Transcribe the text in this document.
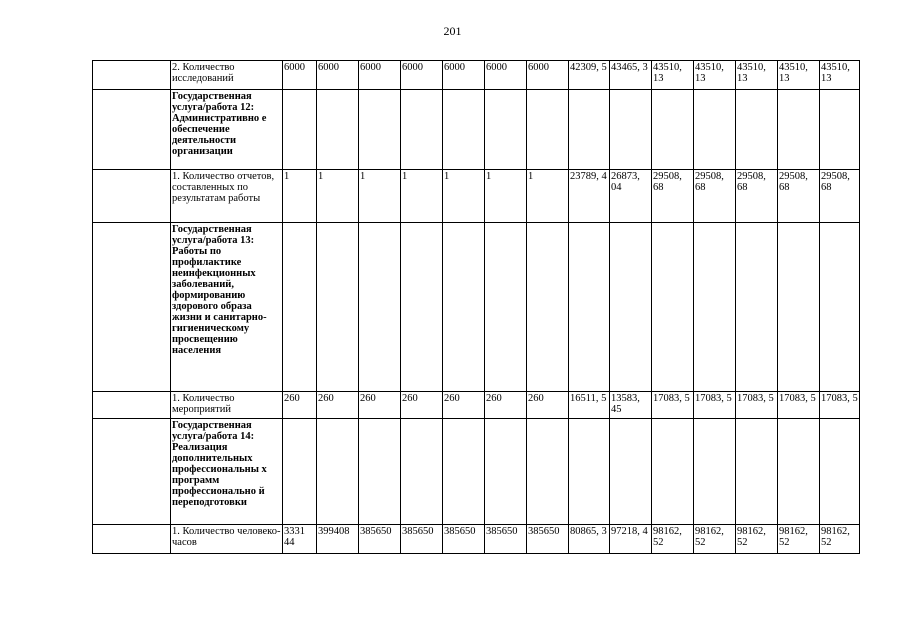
201
	2. Количество исследований	6000	6000	6000	6000	6000	6000	6000	42309, 5	43465, 3	43510, 13	43510, 13	43510, 13	43510, 13	43510, 13
	Государственная услуга/работа 12: Административно е обеспечение деятельности организации														
	1. Количество отчетов, составленных по результатам работы	1	1	1	1	1	1	1	23789, 4	26873, 04	29508, 68	29508, 68	29508, 68	29508, 68	29508, 68
	Государственная услуга/работа 13: Работы по профилактике неинфекционных заболеваний, формированию здорового образа жизни и санитарно-гигиеническому просвещению населения														
	1. Количество мероприятий	260	260	260	260	260	260	260	16511, 5	13583, 45	17083, 5	17083, 5	17083, 5	17083, 5	17083, 5
	Государственная услуга/работа 14: Реализация дополнительных профессиональны х программ профессионально й переподготовки														
	1. Количество человеко-часов	3331 44	399408	385650	385650	385650	385650	385650	80865, 3	97218, 4	98162, 52	98162, 52	98162, 52	98162, 52	98162, 52
